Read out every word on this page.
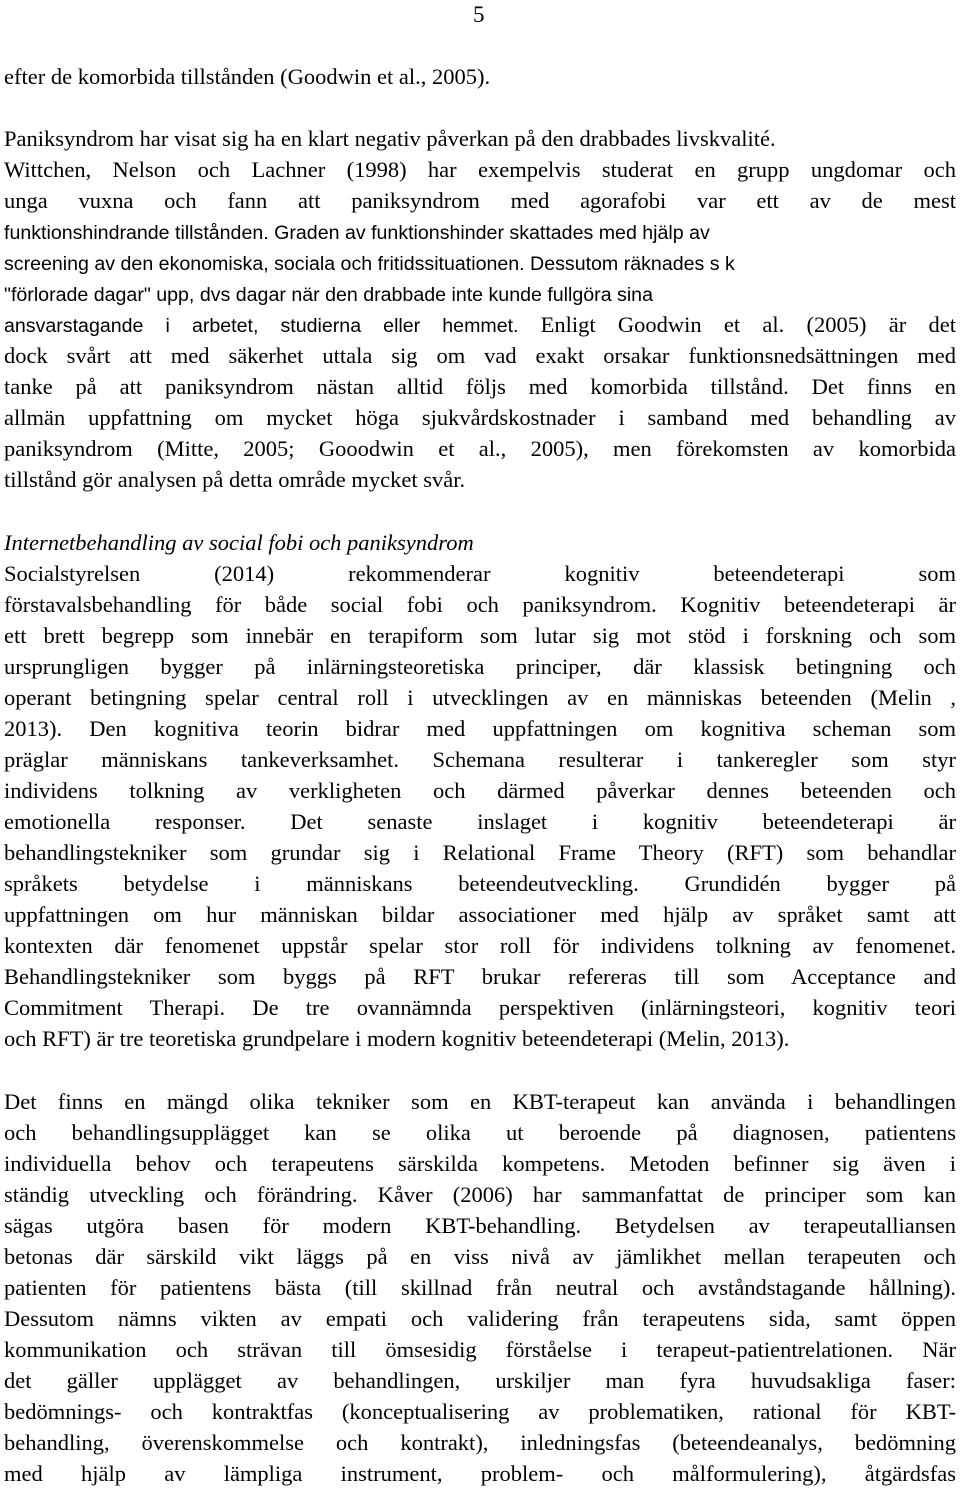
5
efter de komorbida tillstånden (Goodwin et al., 2005).
Paniksyndrom har visat sig ha en klart negativ påverkan på den drabbades livskvalité.
Wittchen, Nelson och Lachner (1998) har exempelvis studerat en grupp ungdomar och
unga vuxna och fann att paniksyndrom med agorafobi var ett av de mest
funktionshindrande tillstånden. Graden av funktionshinder skattades med hjälp av
screening av den ekonomiska, sociala och fritidssituationen. Dessutom räknades s k
"förlorade dagar" upp, dvs dagar när den drabbade inte kunde fullgöra sina
ansvarstagande i arbetet, studierna eller hemmet. Enligt Goodwin et al. (2005) är det
dock svårt att med säkerhet uttala sig om vad exakt orsakar funktionsnedsättningen med
tanke på att paniksyndrom nästan alltid följs med komorbida tillstånd. Det finns en
allmän uppfattning om mycket höga sjukvårdskostnader i samband med behandling av
paniksyndrom (Mitte, 2005; Gooodwin et al., 2005), men förekomsten av komorbida
tillstånd gör analysen på detta område mycket svår.
Internetbehandling av social fobi och paniksyndrom
Socialstyrelsen (2014) rekommenderar kognitiv beteendeterapi som
förstavalsbehandling för både social fobi och paniksyndrom. Kognitiv beteendeterapi är
ett brett begrepp som innebär en terapiform som lutar sig mot stöd i forskning och som
ursprungligen bygger på inlärningsteoretiska principer, där klassisk betingning och
operant betingning spelar central roll i utvecklingen av en människas beteenden (Melin ,
2013). Den kognitiva teorin bidrar med uppfattningen om kognitiva scheman som
präglar människans tankeverksamhet. Schemana resulterar i tankeregler som styr
individens tolkning av verkligheten och därmed påverkar dennes beteenden och
emotionella responser. Det senaste inslaget i kognitiv beteendeterapi är
behandlingstekniker som grundar sig i Relational Frame Theory (RFT) som behandlar
språkets betydelse i människans beteendeutveckling. Grundidén bygger på
uppfattningen om hur människan bildar associationer med hjälp av språket samt att
kontexten där fenomenet uppstår spelar stor roll för individens tolkning av fenomenet.
Behandlingstekniker som byggs på RFT brukar refereras till som Acceptance and
Commitment Therapi. De tre ovannämnda perspektiven (inlärningsteori, kognitiv teori
och RFT) är tre teoretiska grundpelare i modern kognitiv beteendeterapi (Melin, 2013).
Det finns en mängd olika tekniker som en KBT-terapeut kan använda i behandlingen
och behandlingsupplägget kan se olika ut beroende på diagnosen, patientens
individuella behov och terapeutens särskilda kompetens. Metoden befinner sig även i
ständig utveckling och förändring. Kåver (2006) har sammanfattat de principer som kan
sägas utgöra basen för modern KBT-behandling. Betydelsen av terapeutalliansen
betonas där särskild vikt läggs på en viss nivå av jämlikhet mellan terapeuten och
patienten för patientens bästa (till skillnad från neutral och avståndstagande hållning).
Dessutom nämns vikten av empati och validering från terapeutens sida, samt öppen
kommunikation och strävan till ömsesidig förståelse i terapeut-patientrelationen. När
det gäller upplägget av behandlingen, urskiljer man fyra huvudsakliga faser:
bedömnings- och kontraktfas (konceptualisering av problematiken, rational för KBT-
behandling, överenskommelse och kontrakt), inledningsfas (beteendeanalys, bedömning
med hjälp av lämpliga instrument, problem- och målformulering), åtgärdsfas
